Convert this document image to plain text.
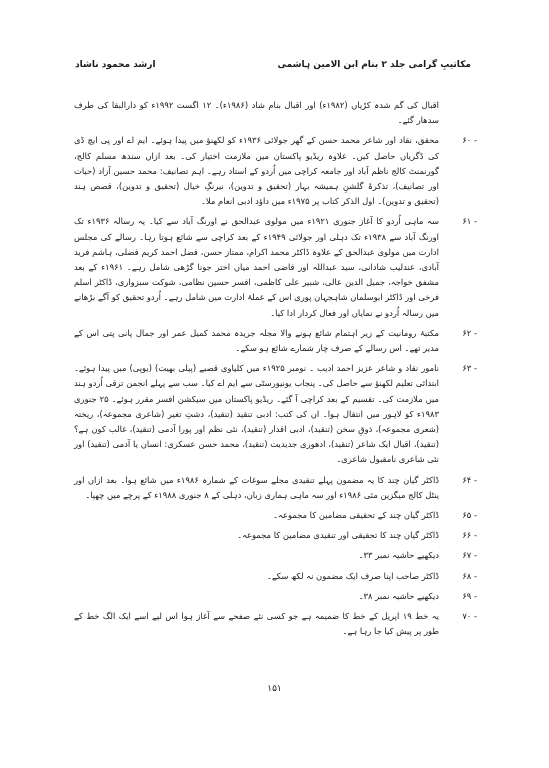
مکاتیبِ گرامی جلد ۲ بنام ابن الامین ہاشمی
ارشد محمود ناشاد
اقبال کی گم شدہ کڑیاں (۱۹۸۲ء) اور اقبال بنام شاد (۱۹۸۶ء)۔ ۱۲ اگست ۱۹۹۲ء کو دارالبقا کی طرف سدھار گئے۔
۶۰ -
محقق، نقاد اور شاعر محمد حسن کے گھر جولائی ۱۹۳۶ء کو لکھنؤ میں پیدا ہوئے۔ ایم اے اور پی ایچ ڈی کی ڈگریاں حاصل کیں۔ علاوہ ریڈیو پاکستان میں ملازمت اختیار کی۔ بعد ازاں سندھ مسلم کالج، گورنمنٹ کالج ناظم آباد اور جامعہ کراچی میں اُردو کے استاد رہے۔ اہم تصانیف: محمد حسین آزاد (حیات اور تصانیف)، تذکرۂ گلشنِ ہمیشہ بہار (تحقیق و تدوین)، نیرنگِ خیال (تحقیق و تدوین)، قصص ہند (تحقیق و تدوین)۔ اول الذکر کتاب پر ۱۹۷۵ء میں داؤد ادبی انعام ملا۔
۶۱ -
سہ ماہی اُردو کا آغاز جنوری ۱۹۲۱ء میں مولوی عبدالحق نے اورنگ آباد سے کیا۔ یہ رسالہ ۱۹۳۶ء تک اورنگ آباد سے ۱۹۳۸ء تک دہلی اور جولائی ۱۹۴۹ء کے بعد کراچی سے شائع ہوتا رہا۔ رسالے کی مجلس ادارت میں مولوی عبدالحق کے علاوہ ڈاکٹر محمد اکرام، ممتاز حسن، فضل احمد کریم فضلی، ہاشم فرید آبادی، عندلیب شادانی، سید عبداللہ اور قاضی احمد میاں اختر جونا گڑھی شامل رہے۔ ۱۹۶۱ء کے بعد مشفق خواجہ، جمیل الدین عالی، شبیر علی کاظمی، افسر حسین نظامی، شوکت سبزواری، ڈاکٹر اسلم فرخی اور ڈاکٹر ابوسلمان شاہجہان پوری اس کے عملۂ ادارت میں شامل رہے۔ اُردو تحقیق کو آگے بڑھانے میں رسالہ اُردو نے نمایاں اور فعال کردار ادا کیا۔
۶۲ -
مکتبۂ رومانیت کے زیر اہتمام شائع ہونے والا مجلہ جریدہ محمد کمیل عمر اور جمال پانی پتی اس کے مدیر تھے۔ اس رسالے کے صرف چار شمارے شائع ہو سکے۔
۶۳ -
نامور نقاد و شاعر عزیز احمد ادیب ۔ نومبر ۱۹۲۵ء میں کلیاوی قصبے (پیلی بھیت) (یوپی) میں پیدا ہوئے۔ ابتدائی تعلیم لکھنؤ سے حاصل کی۔ پنجاب یونیورسٹی سے ایم اے کیا۔ سب سے پہلے انجمن ترقی اُردو ہند میں ملازمت کی۔ تقسیم کے بعد کراچی آ گئے۔ ریڈیو پاکستان میں سیکشن افسر مقرر ہوئے۔ ۲۵ جنوری ۱۹۸۳ء کو لاہور میں انتقال ہوا۔ ان کی کتب: ادبی تنقید (تنقید)، دشتِ تغیر (شاعری مجموعہ)، ریختہ (شعری مجموعہ)، ذوقِ سخن (تنقید)، ادبی اقدار (تنقید)، نئی نظم اور پورا آدمی (تنقید)، غالب کون ہے؟ (تنقید)، اقبال ایک شاعر (تنقید)، ادھوری جدیدیت (تنقید)، محمد حسن عسکری: انسان یا آدمی (تنقید) اور نئی شاعری نامقبول شاعری۔
۶۴ -
ڈاکٹر گیان چند کا یہ مضمون پہلے تنقیدی مجلے سوغات کے شمارہ ۱۹۸۶ء میں شائع ہوا۔ بعد ازاں اور ینٹل کالج میگزین مئی ۱۹۸۶ء اور سہ ماہی ہماری زبان، دہلی کے ۸ جنوری ۱۹۸۸ء کے پرچے میں چھپا۔
۶۵ -
ڈاکٹر گیان چند کے تحقیقی مضامین کا مجموعہ۔
۶۶ -
ڈاکٹر گیان چند کا تحقیقی اور تنقیدی مضامین کا مجموعہ۔
۶۷ -
دیکھیے حاشیہ نمبر ۳۳۔
۶۸ -
ڈاکٹر صاحب اپنا صرف ایک مضمون نہ لکھ سکے۔
۶۹ -
دیکھیے حاشیہ نمبر ۳۸۔
۷۰ -
یہ خط ۱۹ اپریل کے خط کا ضمیمہ ہے جو کسی نئے صفحے سے آغاز ہوا اس لیے اسے ایک الگ خط کے طور پر پیش کیا جا رہا ہے۔
۱۵۱
